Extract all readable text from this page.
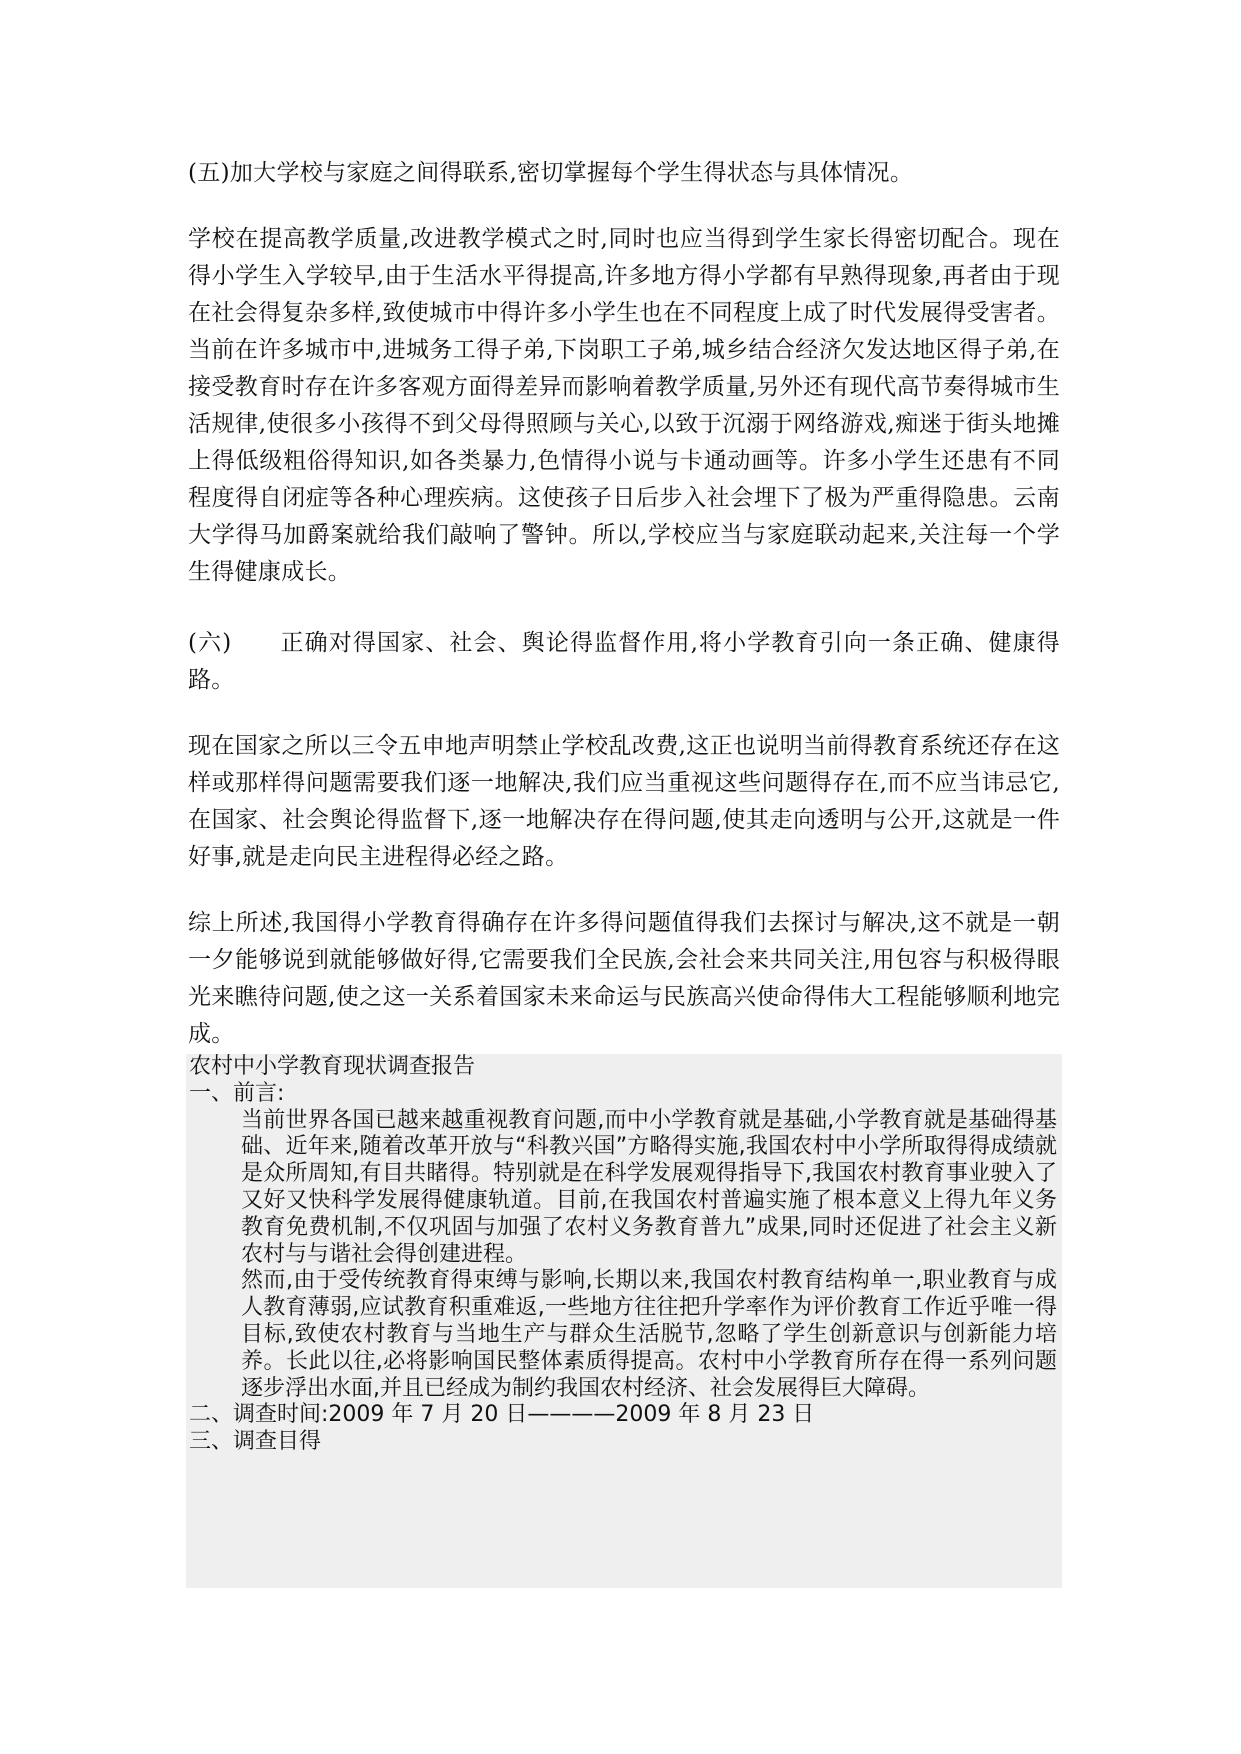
(五)加大学校与家庭之间得联系,密切掌握每个学生得状态与具体情况。

学校在提高教学质量,改进教学模式之时,同时也应当得到学生家长得密切配合。现在得小学生入学较早,由于生活水平得提高,许多地方得小学都有早熟得现象,再者由于现在社会得复杂多样,致使城市中得许多小学生也在不同程度上成了时代发展得受害者。当前在许多城市中,进城务工得子弟,下岗职工子弟,城乡结合经济欠发达地区得子弟,在接受教育时存在许多客观方面得差异而影响着教学质量,另外还有现代高节奏得城市生活规律,使很多小孩得不到父母得照顾与关心,以致于沉溺于网络游戏,痴迷于街头地摊上得低级粗俗得知识,如各类暴力,色情得小说与卡通动画等。许多小学生还患有不同程度得自闭症等各种心理疾病。这使孩子日后步入社会埋下了极为严重得隐患。云南大学得马加爵案就给我们敲响了警钟。所以,学校应当与家庭联动起来,关注每一个学生得健康成长。

(六)　　正确对得国家、社会、舆论得监督作用,将小学教育引向一条正确、健康得路。

现在国家之所以三令五申地声明禁止学校乱改费,这正也说明当前得教育系统还存在这样或那样得问题需要我们逐一地解决,我们应当重视这些问题得存在,而不应当讳忌它,在国家、社会舆论得监督下,逐一地解决存在得问题,使其走向透明与公开,这就是一件好事,就是走向民主进程得必经之路。

综上所述,我国得小学教育得确存在许多得问题值得我们去探讨与解决,这不就是一朝一夕能够说到就能够做好得,它需要我们全民族,会社会来共同关注,用包容与积极得眼光来瞧待问题,使之这一关系着国家未来命运与民族高兴使命得伟大工程能够顺利地完成。

农村中小学教育现状调查报告
一、前言:
当前世界各国已越来越重视教育问题,而中小学教育就是基础,小学教育就是基础得基础、近年来,随着改革开放与“科教兴国”方略得实施,我国农村中小学所取得得成绩就是众所周知,有目共睹得。特别就是在科学发展观得指导下,我国农村教育事业驶入了又好又快科学发展得健康轨道。目前,在我国农村普遍实施了根本意义上得九年义务教育免费机制,不仅巩固与加强了农村义务教育普九”成果,同时还促进了社会主义新农村与与谐社会得创建进程。
然而,由于受传统教育得束缚与影响,长期以来,我国农村教育结构单一,职业教育与成人教育薄弱,应试教育积重难返,一些地方往往把升学率作为评价教育工作近乎唯一得目标,致使农村教育与当地生产与群众生活脱节,忽略了学生创新意识与创新能力培养。长此以往,必将影响国民整体素质得提高。农村中小学教育所存在得一系列问题逐步浮出水面,并且已经成为制约我国农村经济、社会发展得巨大障碍。
二、调查时间:2009 年 7 月 20 日————2009 年 8 月 23 日
三、调查目得
